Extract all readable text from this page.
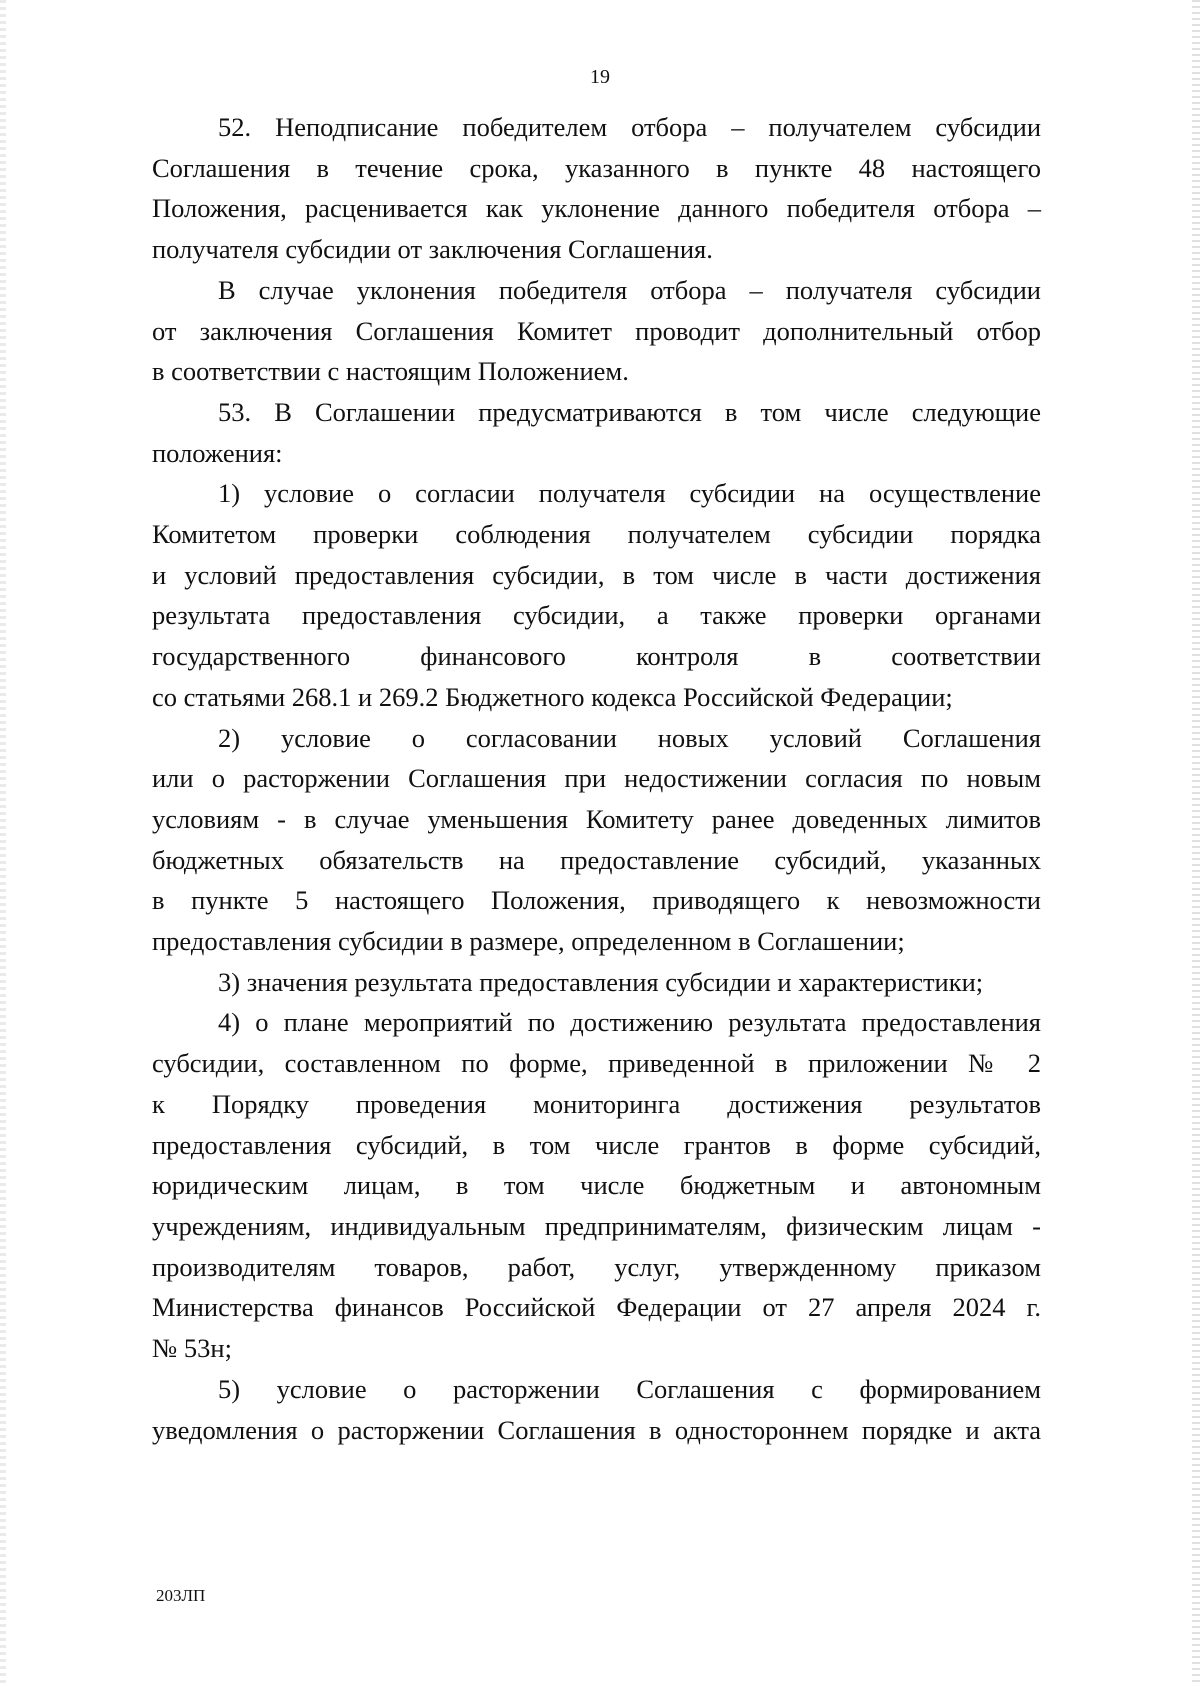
19
52. Неподписание победителем отбора – получателем субсидии
Соглашения в течение срока, указанного в пункте 48 настоящего
Положения, расценивается как уклонение данного победителя отбора –
получателя субсидии от заключения Соглашения.
В случае уклонения победителя отбора – получателя субсидии
от заключения Соглашения Комитет проводит дополнительный отбор
в соответствии с настоящим Положением.
53. В Соглашении предусматриваются в том числе следующие
положения:
1) условие о согласии получателя субсидии на осуществление
Комитетом проверки соблюдения получателем субсидии порядка
и условий предоставления субсидии, в том числе в части достижения
результата предоставления субсидии, а также проверки органами
государственного финансового контроля в соответствии
со статьями 268.1 и 269.2 Бюджетного кодекса Российской Федерации;
2) условие о согласовании новых условий Соглашения
или о расторжении Соглашения при недостижении согласия по новым
условиям - в случае уменьшения Комитету ранее доведенных лимитов
бюджетных обязательств на предоставление субсидий, указанных
в пункте 5 настоящего Положения, приводящего к невозможности
предоставления субсидии в размере, определенном в Соглашении;
3) значения результата предоставления субсидии и характеристики;
4) о плане мероприятий по достижению результата предоставления
субсидии, составленном по форме, приведенной в приложении № 2
к Порядку проведения мониторинга достижения результатов
предоставления субсидий, в том числе грантов в форме субсидий,
юридическим лицам, в том числе бюджетным и автономным
учреждениям, индивидуальным предпринимателям, физическим лицам -
производителям товаров, работ, услуг, утвержденному приказом
Министерства финансов Российской Федерации от 27 апреля 2024 г.
№ 53н;
5) условие о расторжении Соглашения с формированием
уведомления о расторжении Соглашения в одностороннем порядке и акта
203ЛП
